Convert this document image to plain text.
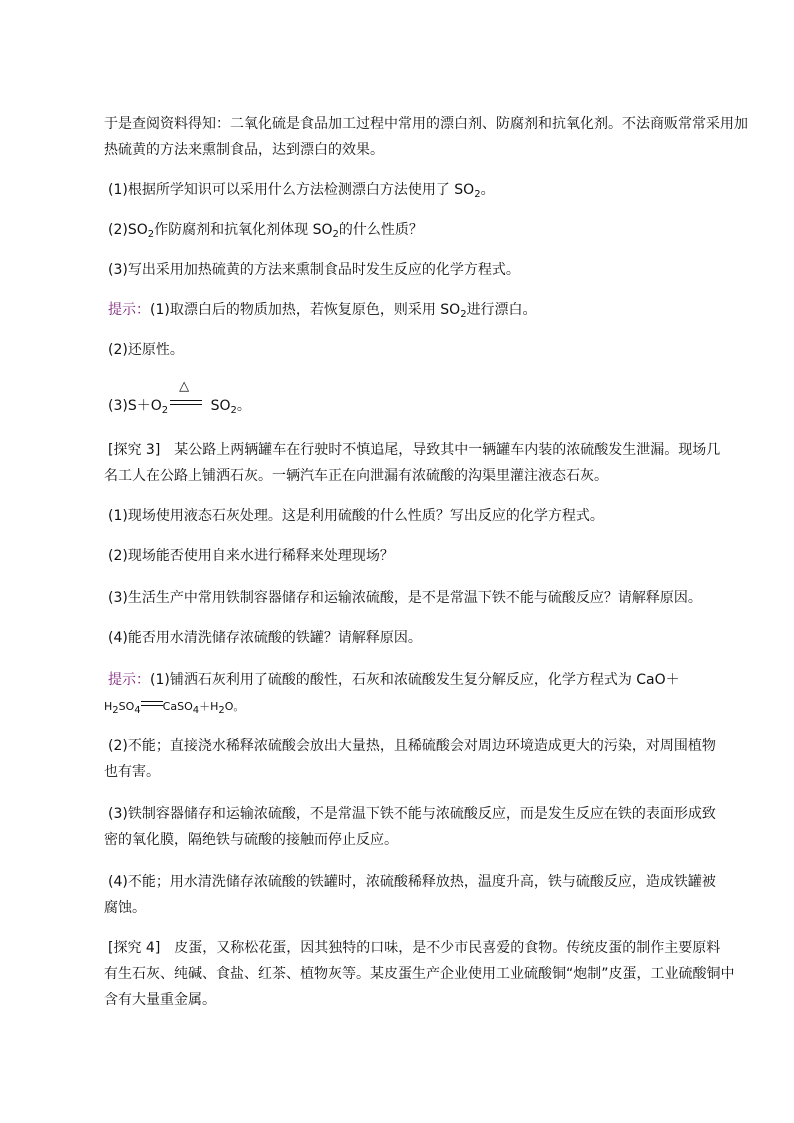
于是查阅资料得知：二氧化硫是食品加工过程中常用的漂白剂、防腐剂和抗氧化剂。不法商贩常常采用加
热硫黄的方法来熏制食品，达到漂白的效果。
(1)根据所学知识可以采用什么方法检测漂白方法使用了 $SO_2$。
$(2)SO_2$作防腐剂和抗氧化剂体现 $SO_2$的什么性质？
(3)写出采用加热硫黄的方法来熏制食品时发生反应的化学方程式。
提示：(1)取漂白后的物质加热，若恢复原色，则采用 $SO_2$进行漂白。
(2)还原性。
$(3)S+O_2$
△
$SO_2$。
[探究 3]　某公路上两辆罐车在行驶时不慎追尾，导致其中一辆罐车内装的浓硫酸发生泄漏。现场几
名工人在公路上铺洒石灰。一辆汽车正在向泄漏有浓硫酸的沟渠里灌注液态石灰。
(1)现场使用液态石灰处理。这是利用硫酸的什么性质？写出反应的化学方程式。
(2)现场能否使用自来水进行稀释来处理现场？
(3)生活生产中常用铁制容器储存和运输浓硫酸，是不是常温下铁不能与硫酸反应？请解释原因。
(4)能否用水清洗储存浓硫酸的铁罐？请解释原因。
提示：(1)铺洒石灰利用了硫酸的酸性，石灰和浓硫酸发生复分解反应，化学方程式为 CaO＋
$H_2SO_4$ $CaSO_4+H_2O$。
(2)不能；直接浇水稀释浓硫酸会放出大量热，且稀硫酸会对周边环境造成更大的污染，对周围植物
也有害。
(3)铁制容器储存和运输浓硫酸，不是常温下铁不能与浓硫酸反应，而是发生反应在铁的表面形成致
密的氧化膜，隔绝铁与硫酸的接触而停止反应。
(4)不能；用水清洗储存浓硫酸的铁罐时，浓硫酸稀释放热，温度升高，铁与硫酸反应，造成铁罐被
腐蚀。
[探究 4]　皮蛋，又称松花蛋，因其独特的口味，是不少市民喜爱的食物。传统皮蛋的制作主要原料
有生石灰、纯碱、食盐、红茶、植物灰等。某皮蛋生产企业使用工业硫酸铜“炮制”皮蛋，工业硫酸铜中
含有大量重金属。
